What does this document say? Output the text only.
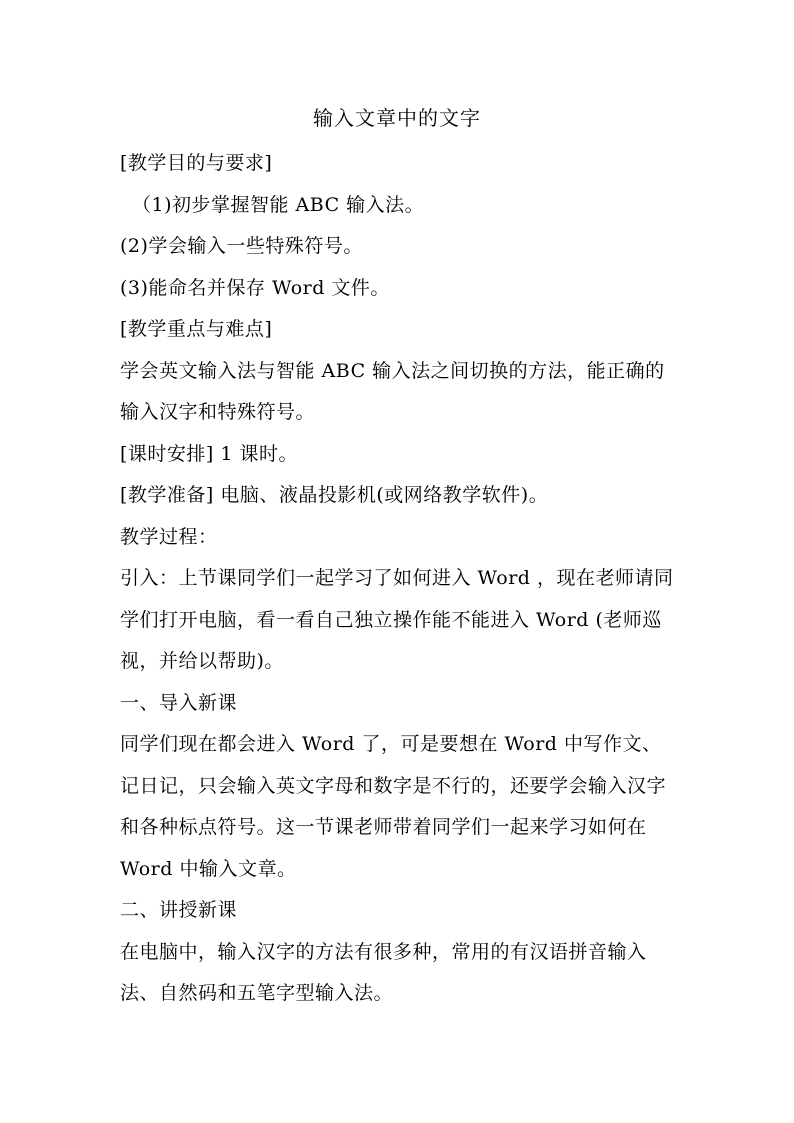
输入文章中的文字

[教学目的与要求]

（1)初步掌握智能 ABC 输入法。

(2)学会输入一些特殊符号。

(3)能命名并保存 Word 文件。

[教学重点与难点]

学会英文输入法与智能 ABC 输入法之间切换的方法，能正确的输入汉字和特殊符号。

[课时安排] 1 课时。

[教学准备] 电脑、液晶投影机(或网络教学软件)。

教学过程：

引入：上节课同学们一起学习了如何进入 Word ，现在老师请同学们打开电脑，看一看自己独立操作能不能进入 Word (老师巡视，并给以帮助)。

一、导入新课

同学们现在都会进入 Word 了，可是要想在 Word 中写作文、记日记，只会输入英文字母和数字是不行的，还要学会输入汉字和各种标点符号。这一节课老师带着同学们一起来学习如何在 Word 中输入文章。

二、讲授新课

在电脑中，输入汉字的方法有很多种，常用的有汉语拼音输入法、自然码和五笔字型输入法。
